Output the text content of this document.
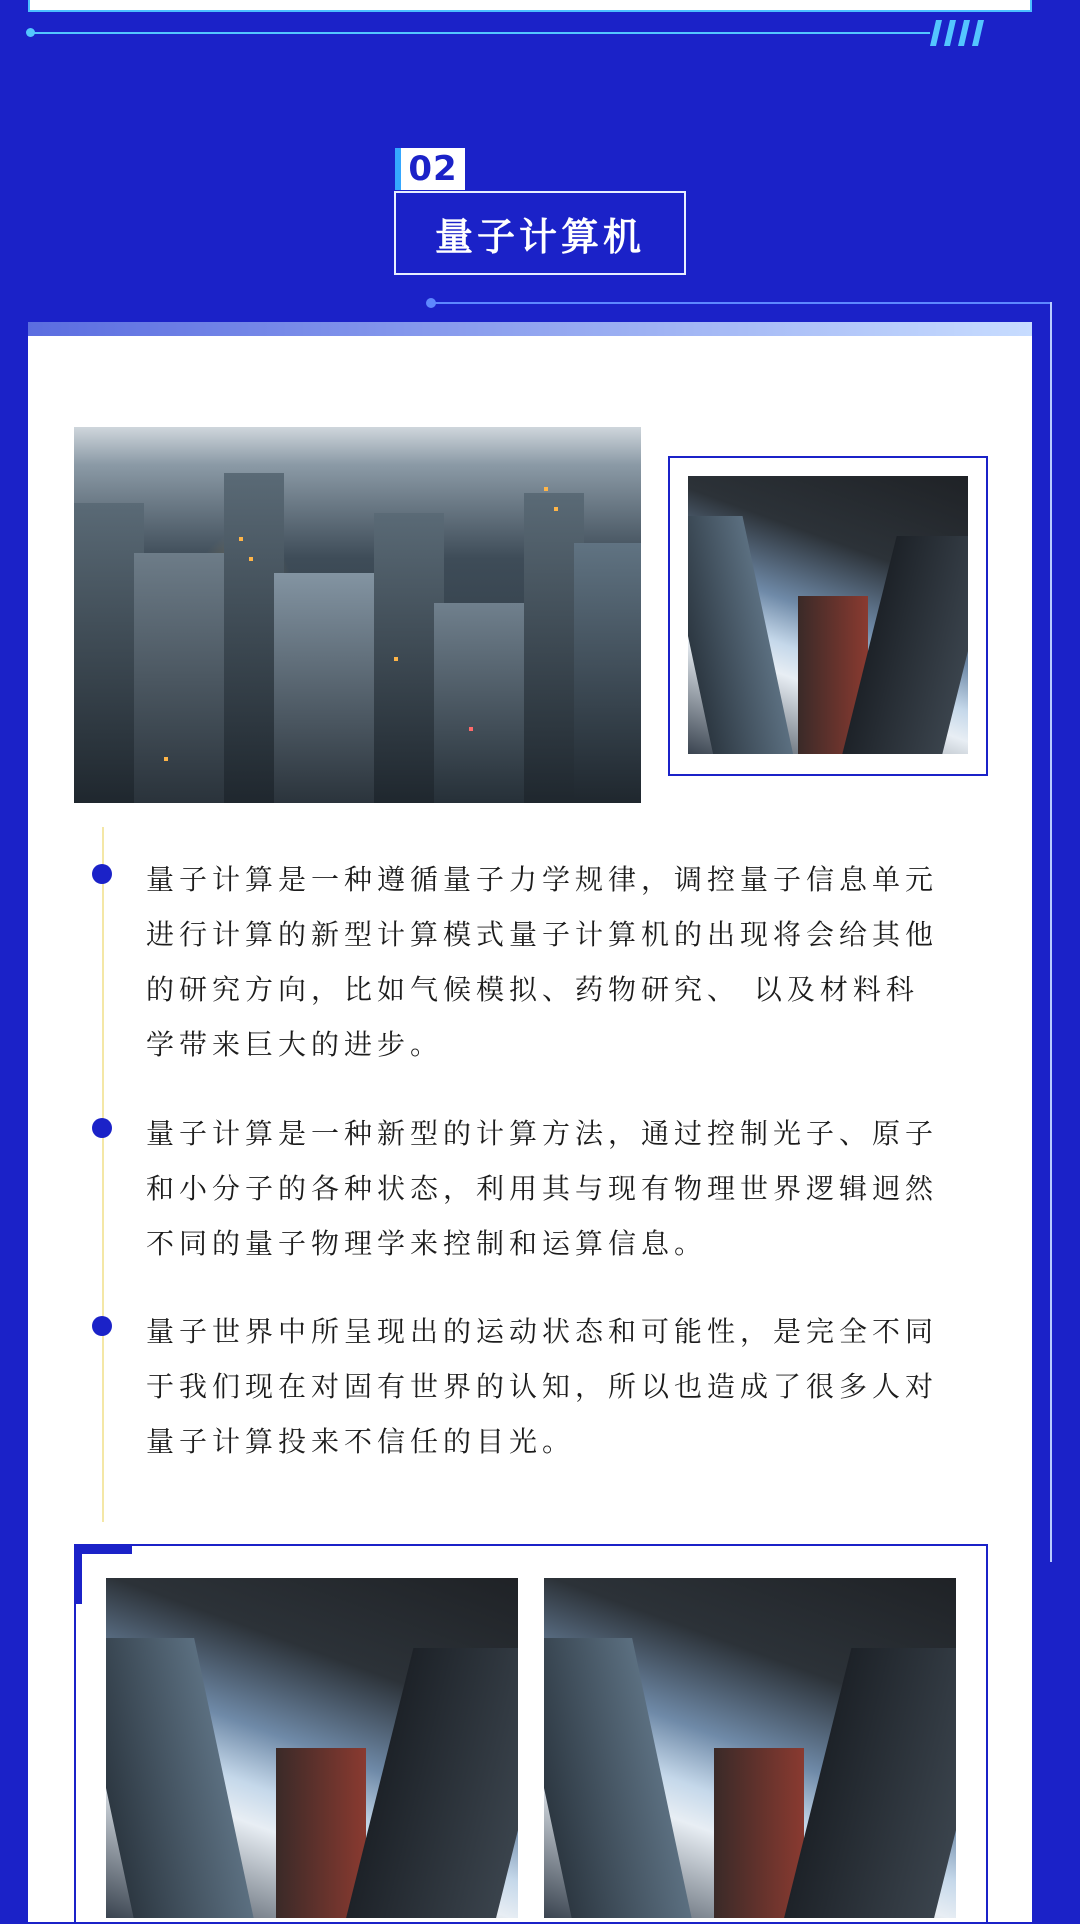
02
量子计算机
量子计算是一种遵循量子力学规律，调控量子信息单元进行计算的新型计算模式量子计算机的出现将会给其他的研究方向，比如气候模拟、药物研究、 以及材料科学带来巨大的进步。
量子计算是一种新型的计算方法，通过控制光子、原子和小分子的各种状态，利用其与现有物理世界逻辑迥然不同的量子物理学来控制和运算信息。
量子世界中所呈现出的运动状态和可能性，是完全不同于我们现在对固有世界的认知，所以也造成了很多人对量子计算投来不信任的目光。
